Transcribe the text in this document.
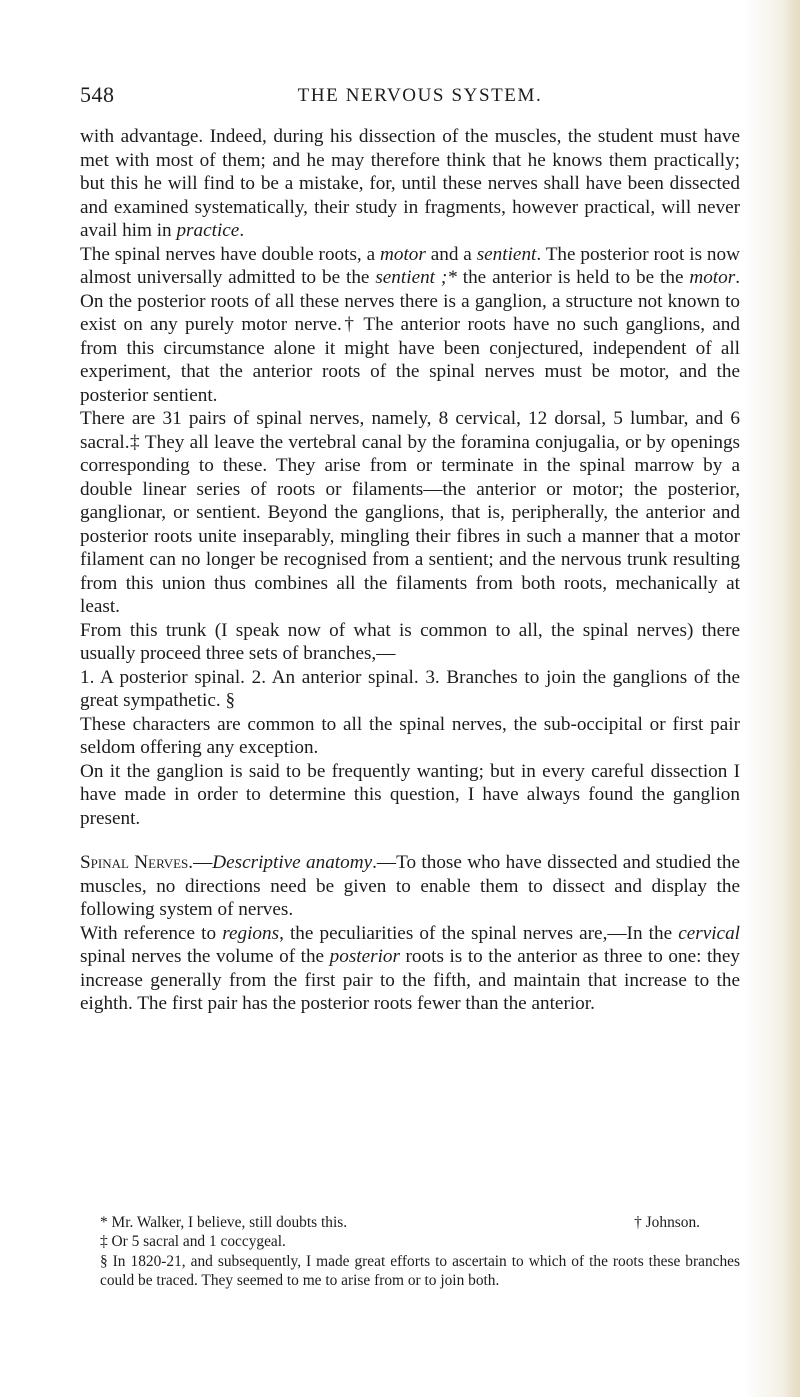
548	THE NERVOUS SYSTEM.

with advantage. Indeed, during his dissection of the muscles, the student must have met with most of them; and he may therefore think that he knows them practically; but this he will find to be a mistake, for, until these nerves shall have been dissected and examined systematically, their study in fragments, however practical, will never avail him in practice.

The spinal nerves have double roots, a motor and a sentient. The posterior root is now almost universally admitted to be the sentient ;* the anterior is held to be the motor. On the posterior roots of all these nerves there is a ganglion, a structure not known to exist on any purely motor nerve.† The anterior roots have no such ganglions, and from this circumstance alone it might have been conjectured, independent of all experiment, that the anterior roots of the spinal nerves must be motor, and the posterior sentient.

There are 31 pairs of spinal nerves, namely, 8 cervical, 12 dorsal, 5 lumbar, and 6 sacral.‡ They all leave the vertebral canal by the foramina conjugalia, or by openings corresponding to these. They arise from or terminate in the spinal marrow by a double linear series of roots or filaments—the anterior or motor; the posterior, ganglionar, or sentient. Beyond the ganglions, that is, peripherally, the anterior and posterior roots unite inseparably, mingling their fibres in such a manner that a motor filament can no longer be recognised from a sentient; and the nervous trunk resulting from this union thus combines all the filaments from both roots, mechanically at least.

From this trunk (I speak now of what is common to all, the spinal nerves) there usually proceed three sets of branches,—

1. A posterior spinal. 2. An anterior spinal. 3. Branches to join the ganglions of the great sympathetic. §

These characters are common to all the spinal nerves, the sub-occipital or first pair seldom offering any exception.

On it the ganglion is said to be frequently wanting; but in every careful dissection I have made in order to determine this question, I have always found the ganglion present.

Spinal Nerves.—Descriptive anatomy.—To those who have dissected and studied the muscles, no directions need be given to enable them to dissect and display the following system of nerves.

With reference to regions, the peculiarities of the spinal nerves are,—In the cervical spinal nerves the volume of the posterior roots is to the anterior as three to one: they increase generally from the first pair to the fifth, and maintain that increase to the eighth. The first pair has the posterior roots fewer than the anterior.

* Mr. Walker, I believe, still doubts this.	† Johnson.

‡ Or 5 sacral and 1 coccygeal.

§ In 1820-21, and subsequently, I made great efforts to ascertain to which of the roots these branches could be traced. They seemed to me to arise from or to join both.
